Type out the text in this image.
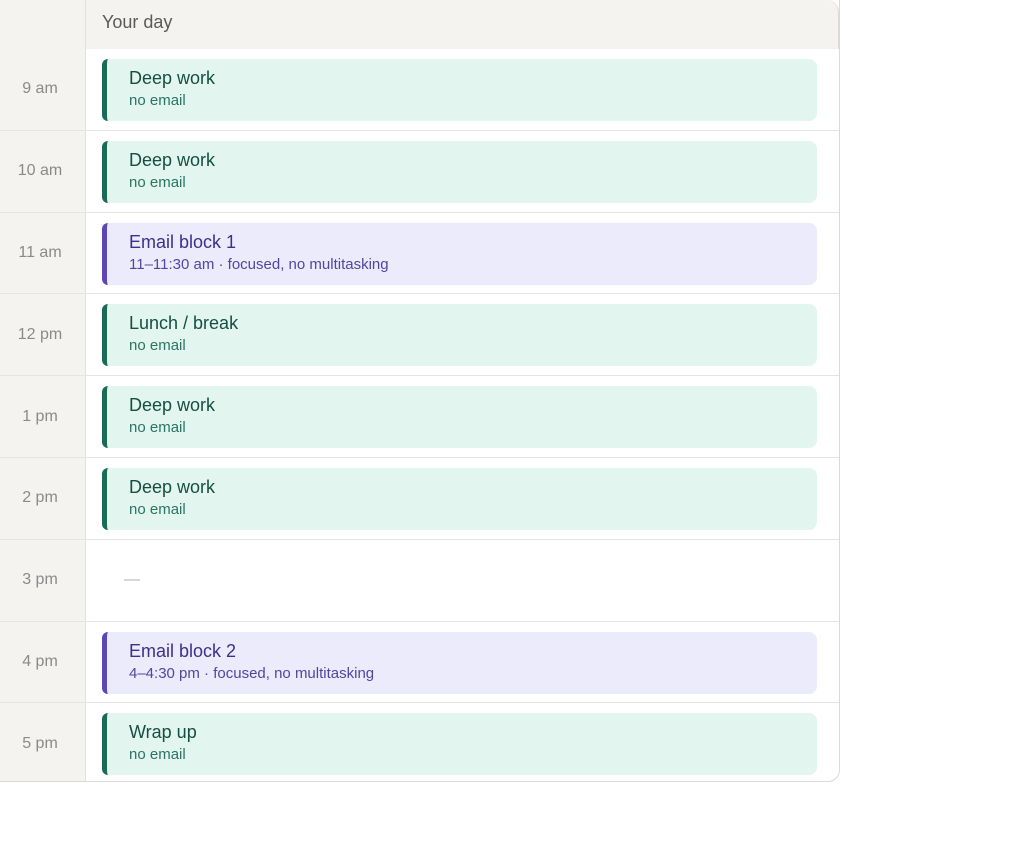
Your day
9 am
Deep work
no email
10 am
Deep work
no email
11 am
Email block 1
11–11:30 am · focused, no multitasking
12 pm
Lunch / break
no email
1 pm
Deep work
no email
2 pm
Deep work
no email
3 pm	—
4 pm
Email block 2
4–4:30 pm · focused, no multitasking
5 pm
Wrap up
no email
